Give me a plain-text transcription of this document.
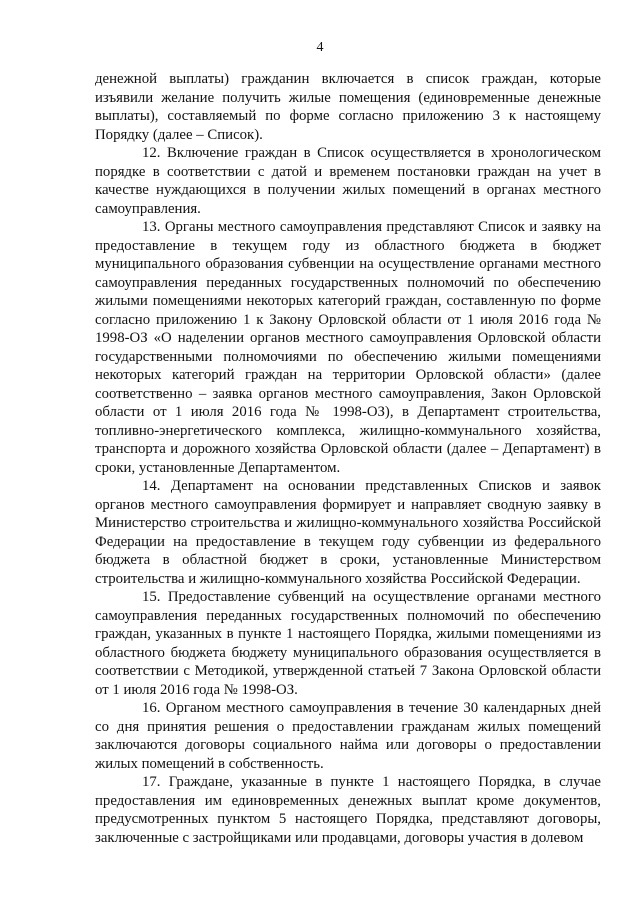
4

денежной выплаты) гражданин включается в список граждан, которые изъявили желание получить жилые помещения (единовременные денежные выплаты), составляемый по форме согласно приложению 3 к настоящему Порядку (далее – Список).

12. Включение граждан в Список осуществляется в хронологическом порядке в соответствии с датой и временем постановки граждан на учет в качестве нуждающихся в получении жилых помещений в органах местного самоуправления.

13. Органы местного самоуправления представляют Список и заявку на предоставление в текущем году из областного бюджета в бюджет муниципального образования субвенции на осуществление органами местного самоуправления переданных государственных полномочий по обеспечению жилыми помещениями некоторых категорий граждан, составленную по форме согласно приложению 1 к Закону Орловской области от 1 июля 2016 года № 1998-ОЗ «О наделении органов местного самоуправления Орловской области государственными полномочиями по обеспечению жилыми помещениями некоторых категорий граждан на территории Орловской области» (далее соответственно – заявка органов местного самоуправления, Закон Орловской области от 1 июля 2016 года № 1998-ОЗ), в Департамент строительства, топливно-энергетического комплекса, жилищно-коммунального хозяйства, транспорта и дорожного хозяйства Орловской области (далее – Департамент) в сроки, установленные Департаментом.

14. Департамент на основании представленных Списков и заявок органов местного самоуправления формирует и направляет сводную заявку в Министерство строительства и жилищно-коммунального хозяйства Российской Федерации на предоставление в текущем году субвенции из федерального бюджета в областной бюджет в сроки, установленные Министерством строительства и жилищно-коммунального хозяйства Российской Федерации.

15. Предоставление субвенций на осуществление органами местного самоуправления переданных государственных полномочий по обеспечению граждан, указанных в пункте 1 настоящего Порядка, жилыми помещениями из областного бюджета бюджету муниципального образования осуществляется в соответствии с Методикой, утвержденной статьей 7 Закона Орловской области от 1 июля 2016 года № 1998-ОЗ.

16. Органом местного самоуправления в течение 30 календарных дней со дня принятия решения о предоставлении гражданам жилых помещений заключаются договоры социального найма или договоры о предоставлении жилых помещений в собственность.

17. Граждане, указанные в пункте 1 настоящего Порядка, в случае предоставления им единовременных денежных выплат кроме документов, предусмотренных пунктом 5 настоящего Порядка, представляют договоры, заключенные с застройщиками или продавцами, договоры участия в долевом
